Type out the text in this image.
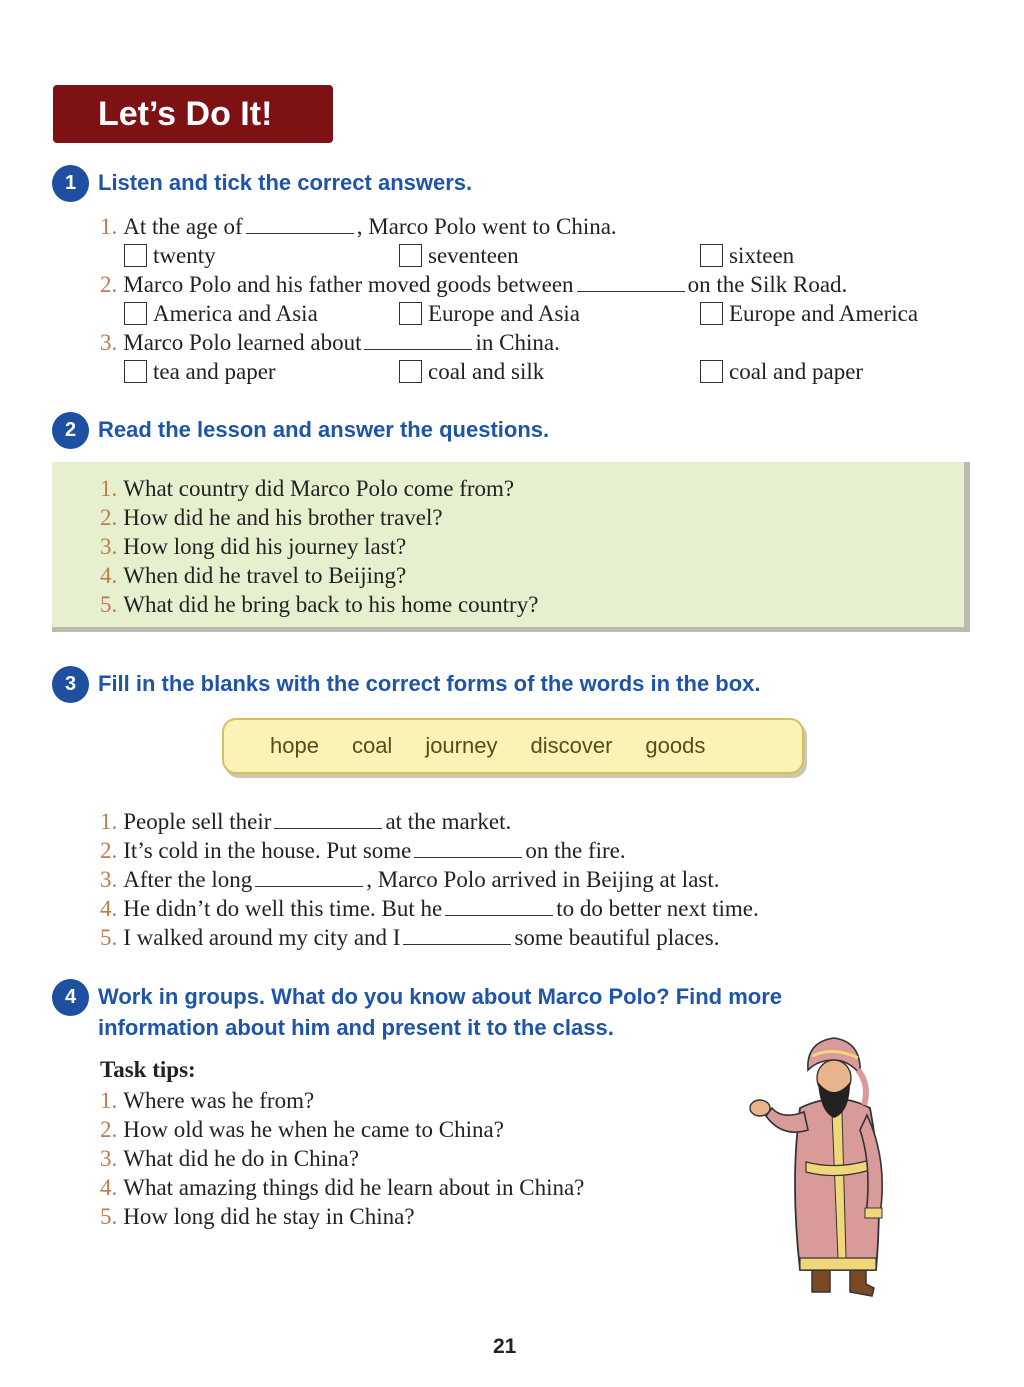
Let’s Do It!
1 Listen and tick the correct answers.
1. At the age of	, Marco Polo went to China.
twenty	seventeen	sixteen
2. Marco Polo and his father moved goods between	on the Silk Road.
America and Asia	Europe and Asia	Europe and America
3. Marco Polo learned about	in China.
tea and paper	coal and silk	coal and paper
2 Read the lesson and answer the questions.
1. What country did Marco Polo come from?
2. How did he and his brother travel?
3. How long did his journey last?
4. When did he travel to Beijing?
5. What did he bring back to his home country?
3 Fill in the blanks with the correct forms of the words in the box.
hope coal journey discover goods
1. People sell their	at the market.
2. It’s cold in the house. Put some	on the fire.
3. After the long	, Marco Polo arrived in Beijing at last.
4. He didn’t do well this time. But he	to do better next time.
5. I walked around my city and I	some beautiful places.
4 Work in groups. What do you know about Marco Polo? Find more
information about him and present it to the class.
Task tips:
1. Where was he from?
2. How old was he when he came to China?
3. What did he do in China?
4. What amazing things did he learn about in China?
5. How long did he stay in China?
21
